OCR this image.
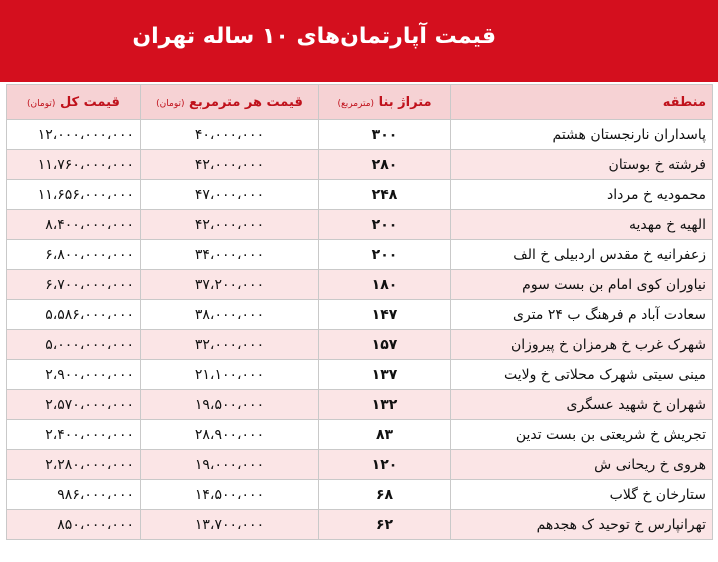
قیمت آپارتمان‌های ۱۰ ساله تهران
منطقه	متراژ بنا (مترمربع)	قیمت هر مترمربع (تومان)	قیمت کل (تومان)
پاسداران نارنجستان هشتم	۳۰۰	۴۰،۰۰۰،۰۰۰	۱۲،۰۰۰،۰۰۰،۰۰۰
فرشته خ بوستان	۲۸۰	۴۲،۰۰۰،۰۰۰	۱۱،۷۶۰،۰۰۰،۰۰۰
محمودیه خ مرداد	۲۴۸	۴۷،۰۰۰،۰۰۰	۱۱،۶۵۶،۰۰۰،۰۰۰
الهیه خ مهدیه	۲۰۰	۴۲،۰۰۰،۰۰۰	۸،۴۰۰،۰۰۰،۰۰۰
زعفرانیه خ مقدس اردبیلی خ الف	۲۰۰	۳۴،۰۰۰،۰۰۰	۶،۸۰۰،۰۰۰،۰۰۰
نیاوران کوی امام بن بست سوم	۱۸۰	۳۷،۲۰۰،۰۰۰	۶،۷۰۰،۰۰۰،۰۰۰
سعادت آباد م فرهنگ ب ۲۴ متری	۱۴۷	۳۸،۰۰۰،۰۰۰	۵،۵۸۶،۰۰۰،۰۰۰
شهرک غرب خ هرمزان خ پیروزان	۱۵۷	۳۲،۰۰۰،۰۰۰	۵،۰۰۰،۰۰۰،۰۰۰
مینی سیتی شهرک محلاتی خ ولایت	۱۳۷	۲۱،۱۰۰،۰۰۰	۲،۹۰۰،۰۰۰،۰۰۰
شهران خ شهید عسگری	۱۳۲	۱۹،۵۰۰،۰۰۰	۲،۵۷۰،۰۰۰،۰۰۰
تجریش خ شریعتی بن بست تدین	۸۳	۲۸،۹۰۰،۰۰۰	۲،۴۰۰،۰۰۰،۰۰۰
هروی خ ریحانی ش	۱۲۰	۱۹،۰۰۰،۰۰۰	۲،۲۸۰،۰۰۰،۰۰۰
ستارخان خ گلاب	۶۸	۱۴،۵۰۰،۰۰۰	۹۸۶،۰۰۰،۰۰۰
تهرانپارس خ توحید ک هجدهم	۶۲	۱۳،۷۰۰،۰۰۰	۸۵۰،۰۰۰،۰۰۰
